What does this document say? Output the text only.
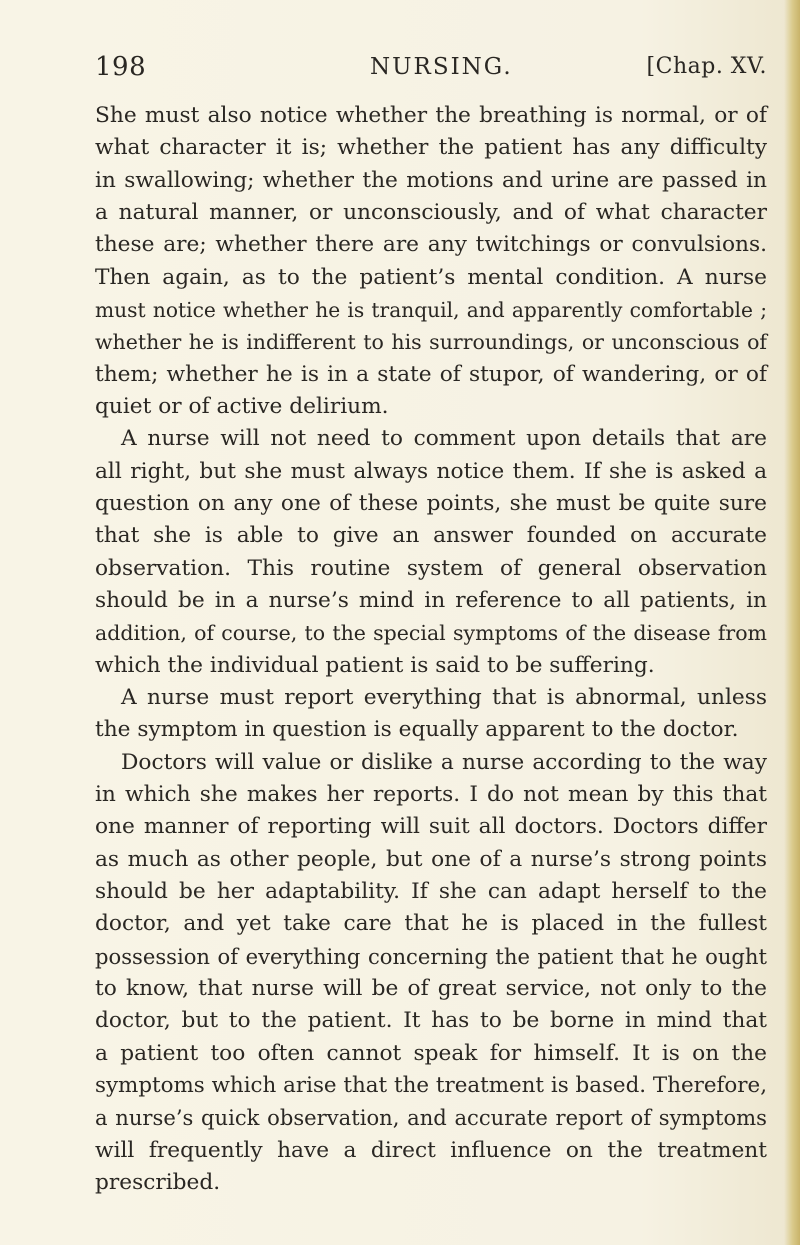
198	NURSING.	[Chap. XV.
She must also notice whether the breathing is normal, or of
what character it is; whether the patient has any difficulty
in swallowing; whether the motions and urine are passed in
a natural manner, or unconsciously, and of what character
these are; whether there are any twitchings or convulsions.
Then again, as to the patient’s mental condition. A nurse
must notice whether he is tranquil, and apparently comfortable ;
whether he is indifferent to his surroundings, or unconscious of
them; whether he is in a state of stupor, of wandering, or of
quiet or of active delirium.
A nurse will not need to comment upon details that are
all right, but she must always notice them. If she is asked a
question on any one of these points, she must be quite sure
that she is able to give an answer founded on accurate
observation. This routine system of general observation
should be in a nurse’s mind in reference to all patients, in
addition, of course, to the special symptoms of the disease from
which the individual patient is said to be suffering.
A nurse must report everything that is abnormal, unless
the symptom in question is equally apparent to the doctor.
Doctors will value or dislike a nurse according to the way
in which she makes her reports. I do not mean by this that
one manner of reporting will suit all doctors. Doctors differ
as much as other people, but one of a nurse’s strong points
should be her adaptability. If she can adapt herself to the
doctor, and yet take care that he is placed in the fullest
possession of everything concerning the patient that he ought
to know, that nurse will be of great service, not only to the
doctor, but to the patient. It has to be borne in mind that
a patient too often cannot speak for himself. It is on the
symptoms which arise that the treatment is based. Therefore,
a nurse’s quick observation, and accurate report of symptoms
will frequently have a direct influence on the treatment
prescribed.
